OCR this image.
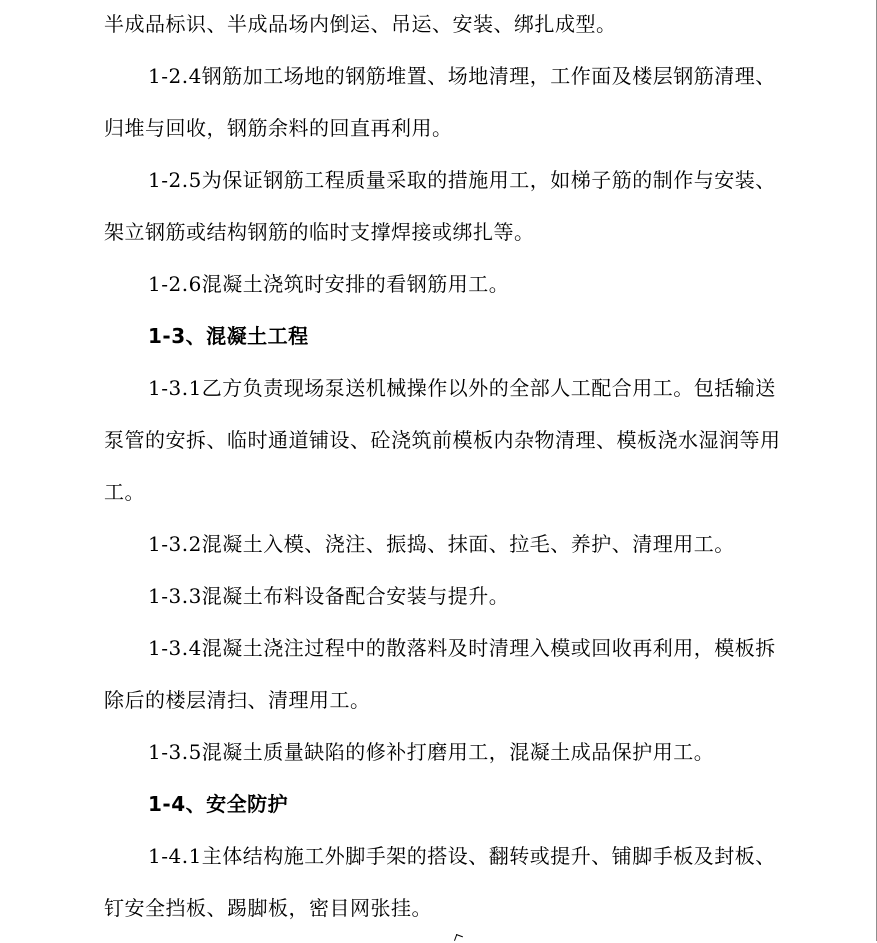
半成品标识、半成品场内倒运、吊运、安装、绑扎成型。

1-2.4钢筋加工场地的钢筋堆置、场地清理，工作面及楼层钢筋清理、归堆与回收，钢筋余料的回直再利用。

1-2.5为保证钢筋工程质量采取的措施用工，如梯子筋的制作与安装、架立钢筋或结构钢筋的临时支撑焊接或绑扎等。

1-2.6混凝土浇筑时安排的看钢筋用工。

1-3、混凝土工程

1-3.1乙方负责现场泵送机械操作以外的全部人工配合用工。包括输送泵管的安拆、临时通道铺设、砼浇筑前模板内杂物清理、模板浇水湿润等用工。

1-3.2混凝土入模、浇注、振捣、抹面、拉毛、养护、清理用工。

1-3.3混凝土布料设备配合安装与提升。

1-3.4混凝土浇注过程中的散落料及时清理入模或回收再利用，模板拆除后的楼层清扫、清理用工。

1-3.5混凝土质量缺陷的修补打磨用工，混凝土成品保护用工。

1-4、安全防护

1-4.1主体结构施工外脚手架的搭设、翻转或提升、铺脚手板及封板、钉安全挡板、踢脚板，密目网张挂。
